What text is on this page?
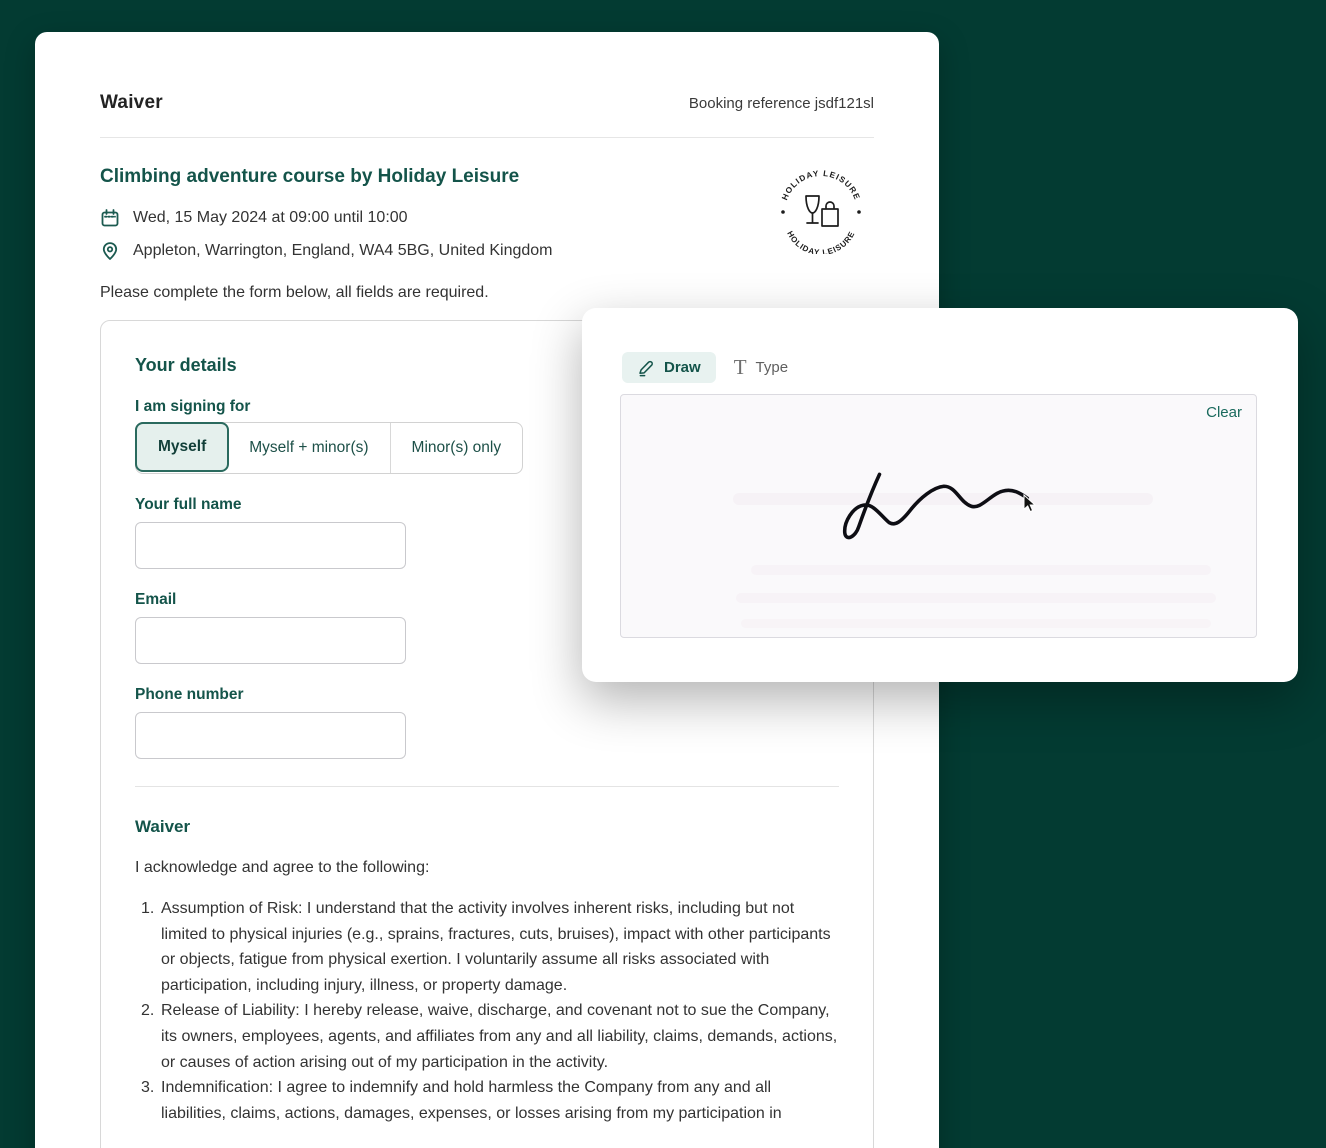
Waiver	Booking reference jsdf121sl
Climbing adventure course by Holiday Leisure
HOLIDAY LEISURE
HOLIDAY LEISURE
Wed, 15 May 2024 at 09:00 until 10:00
Appleton, Warrington, England, WA4 5BG, United Kingdom
Please complete the form below, all fields are required.
Your details
I am signing for
Myself	Myself + minor(s)	Minor(s) only
Your full name
Email
Phone number
Waiver
I acknowledge and agree to the following:
1. Assumption of Risk: I understand that the activity involves inherent risks, including but not limited to physical injuries (e.g., sprains, fractures, cuts, bruises), impact with other participants or objects, fatigue from physical exertion. I voluntarily assume all risks associated with participation, including injury, illness, or property damage.
2. Release of Liability: I hereby release, waive, discharge, and covenant not to sue the Company, its owners, employees, agents, and affiliates from any and all liability, claims, demands, actions, or causes of action arising out of my participation in the activity.
3. Indemnification: I agree to indemnify and hold harmless the Company from any and all liabilities, claims, actions, damages, expenses, or losses arising from my participation in
Draw T Type
Clear
